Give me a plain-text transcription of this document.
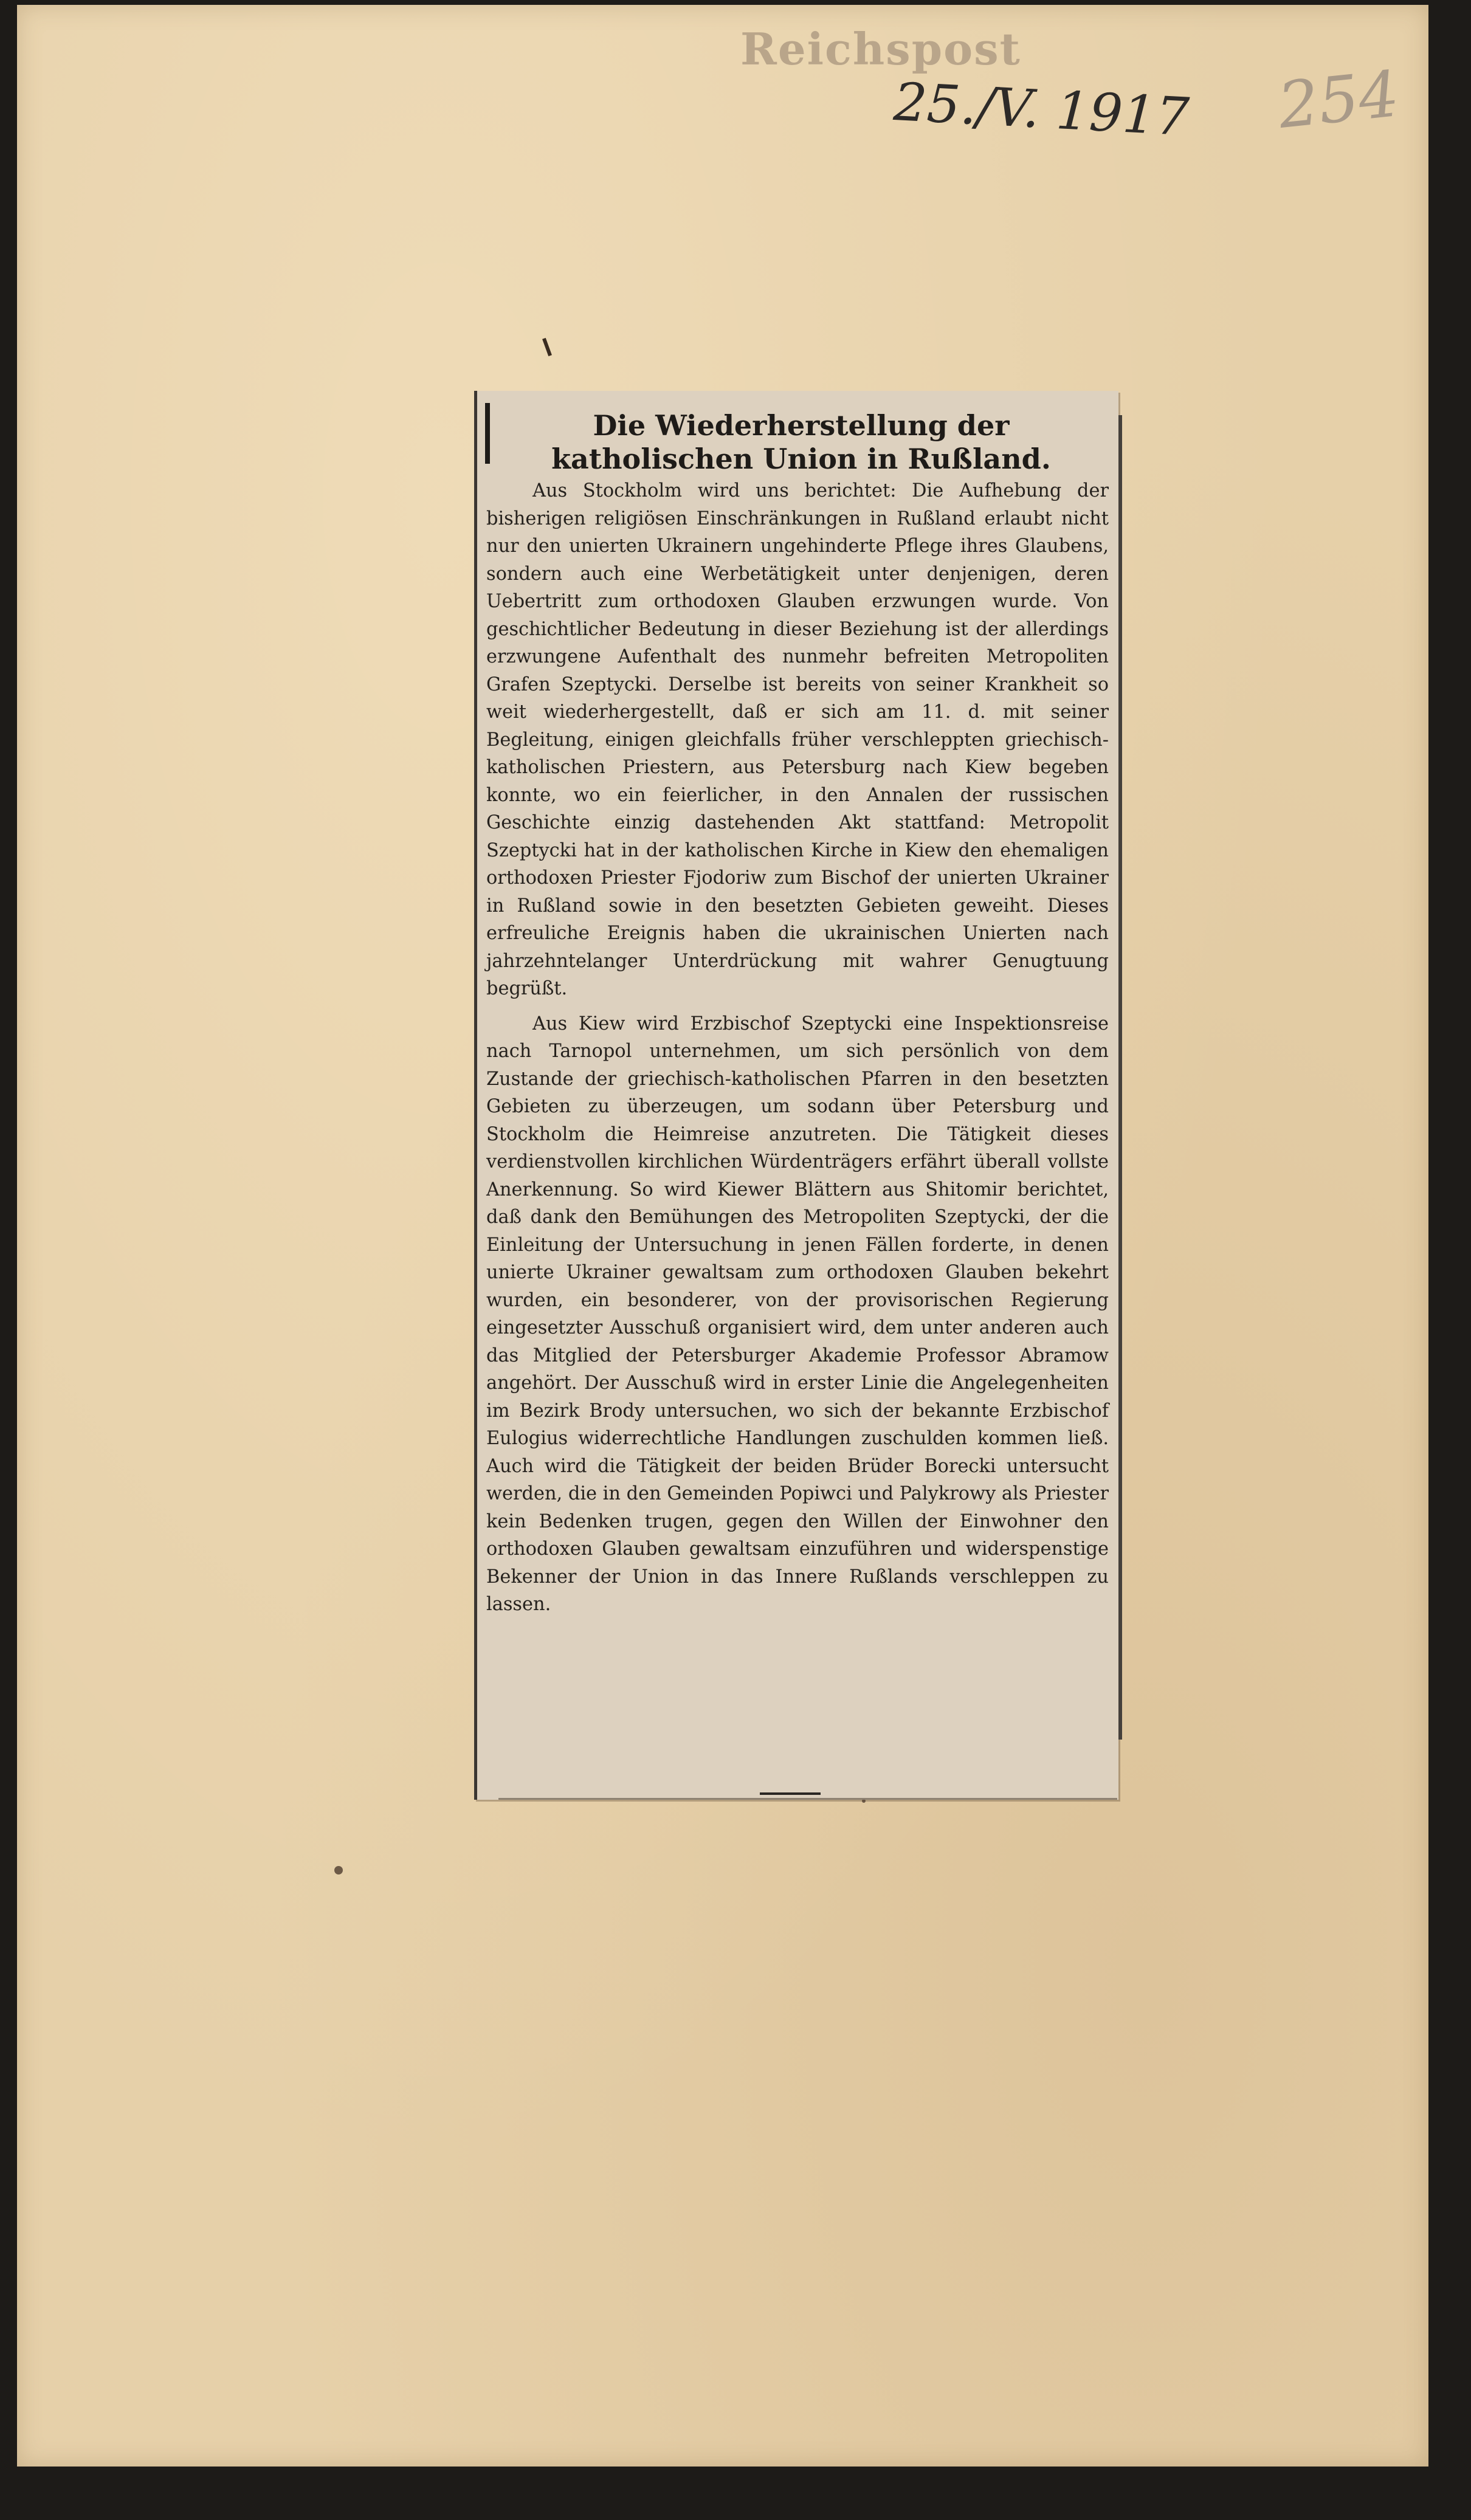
Reichspost
25./V. 1917 254
Die Wiederherstellung der katholischen Union in Rußland.

Aus Stockholm wird uns berichtet: Die Aufhebung der bisherigen religiösen Einschränkungen in Rußland erlaubt nicht nur den unierten Ukrainern ungehinderte Pflege ihres Glaubens, sondern auch eine Werbetätigkeit unter denjenigen, deren Uebertritt zum orthodoxen Glauben erzwungen wurde. Von geschichtlicher Bedeutung in dieser Beziehung ist der allerdings erzwungene Aufenthalt des nunmehr befreiten Metropoliten Grafen Szeptycki. Derselbe ist bereits von seiner Krankheit so weit wiederhergestellt, daß er sich am 11. d. mit seiner Begleitung, einigen gleichfalls früher verschleppten griechisch-katholischen Priestern, aus Petersburg nach Kiew begeben konnte, wo ein feierlicher, in den Annalen der russischen Geschichte einzig dastehenden Akt stattfand: Metropolit Szeptycki hat in der katholischen Kirche in Kiew den ehemaligen orthodoxen Priester Fjodoriw zum Bischof der unierten Ukrainer in Rußland sowie in den besetzten Gebieten geweiht. Dieses erfreuliche Ereignis haben die ukrainischen Unierten nach jahrzehntelanger Unterdrückung mit wahrer Genugtuung begrüßt.

Aus Kiew wird Erzbischof Szeptycki eine Inspektionsreise nach Tarnopol unternehmen, um sich persönlich von dem Zustande der griechisch-katholischen Pfarren in den besetzten Gebieten zu überzeugen, um sodann über Petersburg und Stockholm die Heimreise anzutreten. Die Tätigkeit dieses verdienstvollen kirchlichen Würdenträgers erfährt überall vollste Anerkennung. So wird Kiewer Blättern aus Shitomir berichtet, daß dank den Bemühungen des Metropoliten Szeptycki, der die Einleitung der Untersuchung in jenen Fällen forderte, in denen unierte Ukrainer gewaltsam zum orthodoxen Glauben bekehrt wurden, ein besonderer, von der provisorischen Regierung eingesetzter Ausschuß organisiert wird, dem unter anderen auch das Mitglied der Petersburger Akademie Professor Abramow angehört. Der Ausschuß wird in erster Linie die Angelegenheiten im Bezirk Brody untersuchen, wo sich der bekannte Erzbischof Eulogius widerrechtliche Handlungen zuschulden kommen ließ. Auch wird die Tätigkeit der beiden Brüder Borecki untersucht werden, die in den Gemeinden Popiwci und Palykrowy als Priester kein Bedenken trugen, gegen den Willen der Einwohner den orthodoxen Glauben gewaltsam einzuführen und widerspenstige Bekenner der Union in das Innere Rußlands verschleppen zu lassen.
